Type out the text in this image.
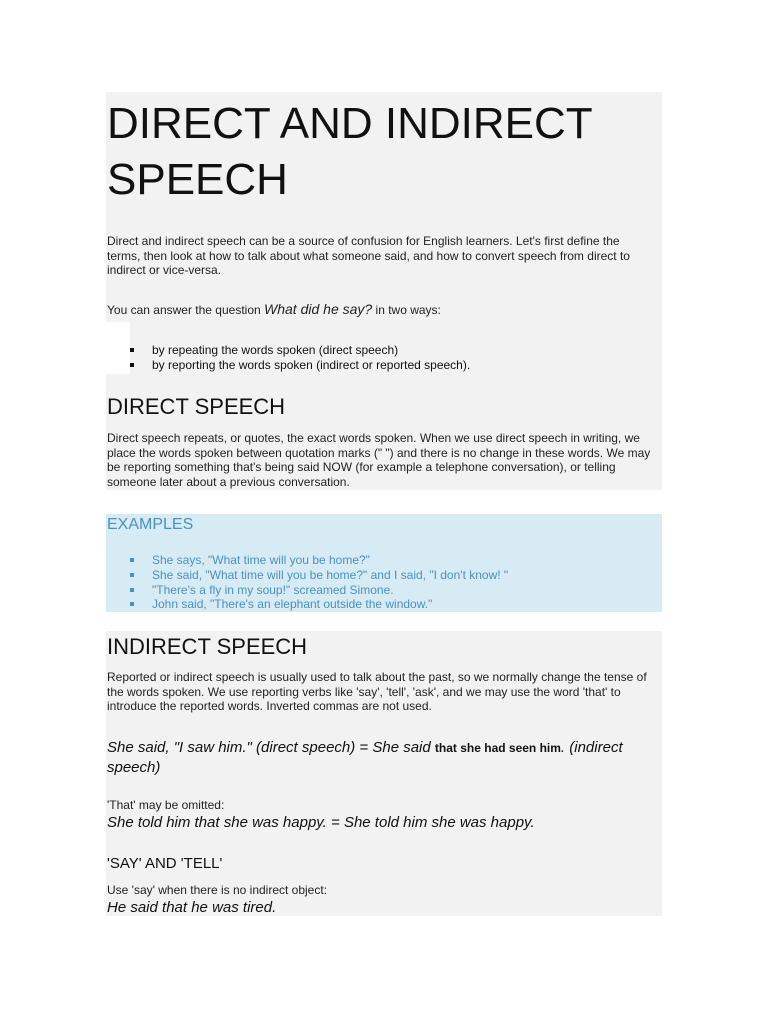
DIRECT AND INDIRECT SPEECH

Direct and indirect speech can be a source of confusion for English learners. Let's first define the terms, then look at how to talk about what someone said, and how to convert speech from direct to indirect or vice-versa.

You can answer the question What did he say? in two ways:

by repeating the words spoken (direct speech)
by reporting the words spoken (indirect or reported speech).
DIRECT SPEECH

Direct speech repeats, or quotes, the exact words spoken. When we use direct speech in writing, we place the words spoken between quotation marks (" ") and there is no change in these words. We may be reporting something that's being said NOW (for example a telephone conversation), or telling someone later about a previous conversation.

EXAMPLES
She says, "What time will you be home?"
She said, "What time will you be home?" and I said, "I don't know! "
"There's a fly in my soup!" screamed Simone.
John said, "There's an elephant outside the window."
INDIRECT SPEECH

Reported or indirect speech is usually used to talk about the past, so we normally change the tense of the words spoken. We use reporting verbs like 'say', 'tell', 'ask', and we may use the word 'that' to introduce the reported words. Inverted commas are not used.

She said, "I saw him." (direct speech) = She said that she had seen him. (indirect speech)

'That' may be omitted:

She told him that she was happy. = She told him she was happy.

'SAY' AND 'TELL'

Use 'say' when there is no indirect object:

He said that he was tired.
